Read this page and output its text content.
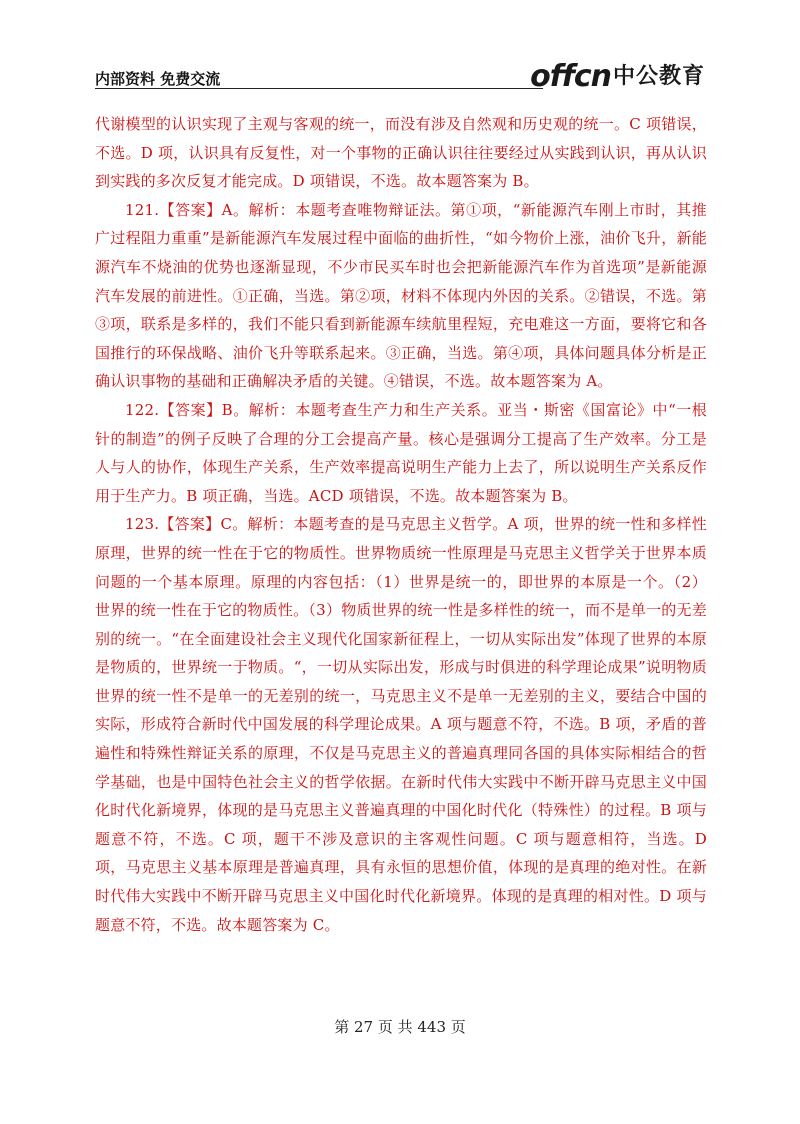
内部资料 免费交流	offcn 中公教育

代谢模型的认识实现了主观与客观的统一，而没有涉及自然观和历史观的统一。C 项错误，不选。D 项，认识具有反复性，对一个事物的正确认识往往要经过从实践到认识，再从认识到实践的多次反复才能完成。D 项错误，不选。故本题答案为 B。

121.【答案】A。解析：本题考查唯物辩证法。第①项，“新能源汽车刚上市时，其推广过程阻力重重”是新能源汽车发展过程中面临的曲折性，“如今物价上涨，油价飞升，新能源汽车不烧油的优势也逐渐显现，不少市民买车时也会把新能源汽车作为首选项”是新能源汽车发展的前进性。①正确，当选。第②项，材料不体现内外因的关系。②错误，不选。第③项，联系是多样的，我们不能只看到新能源车续航里程短，充电难这一方面，要将它和各国推行的环保战略、油价飞升等联系起来。③正确，当选。第④项，具体问题具体分析是正确认识事物的基础和正确解决矛盾的关键。④错误，不选。故本题答案为 A。

122.【答案】B。解析：本题考查生产力和生产关系。亚当・斯密《国富论》中“一根针的制造”的例子反映了合理的分工会提高产量。核心是强调分工提高了生产效率。分工是人与人的协作，体现生产关系，生产效率提高说明生产能力上去了，所以说明生产关系反作用于生产力。B 项正确，当选。ACD 项错误，不选。故本题答案为 B。

123.【答案】C。解析：本题考查的是马克思主义哲学。A 项，世界的统一性和多样性原理，世界的统一性在于它的物质性。世界物质统一性原理是马克思主义哲学关于世界本质问题的一个基本原理。原理的内容包括：（1）世界是统一的，即世界的本原是一个。（2）世界的统一性在于它的物质性。（3）物质世界的统一性是多样性的统一，而不是单一的无差别的统一。“在全面建设社会主义现代化国家新征程上，一切从实际出发”体现了世界的本原是物质的，世界统一于物质。“，一切从实际出发，形成与时俱进的科学理论成果”说明物质世界的统一性不是单一的无差别的统一，马克思主义不是单一无差别的主义，要结合中国的实际，形成符合新时代中国发展的科学理论成果。A 项与题意不符，不选。B 项，矛盾的普遍性和特殊性辩证关系的原理，不仅是马克思主义的普遍真理同各国的具体实际相结合的哲学基础，也是中国特色社会主义的哲学依据。在新时代伟大实践中不断开辟马克思主义中国化时代化新境界，体现的是马克思主义普遍真理的中国化时代化（特殊性）的过程。B 项与题意不符，不选。C 项，题干不涉及意识的主客观性问题。C 项与题意相符，当选。D 项，马克思主义基本原理是普遍真理，具有永恒的思想价值，体现的是真理的绝对性。在新时代伟大实践中不断开辟马克思主义中国化时代化新境界。体现的是真理的相对性。D 项与题意不符，不选。故本题答案为 C。

第 27 页 共 443 页
